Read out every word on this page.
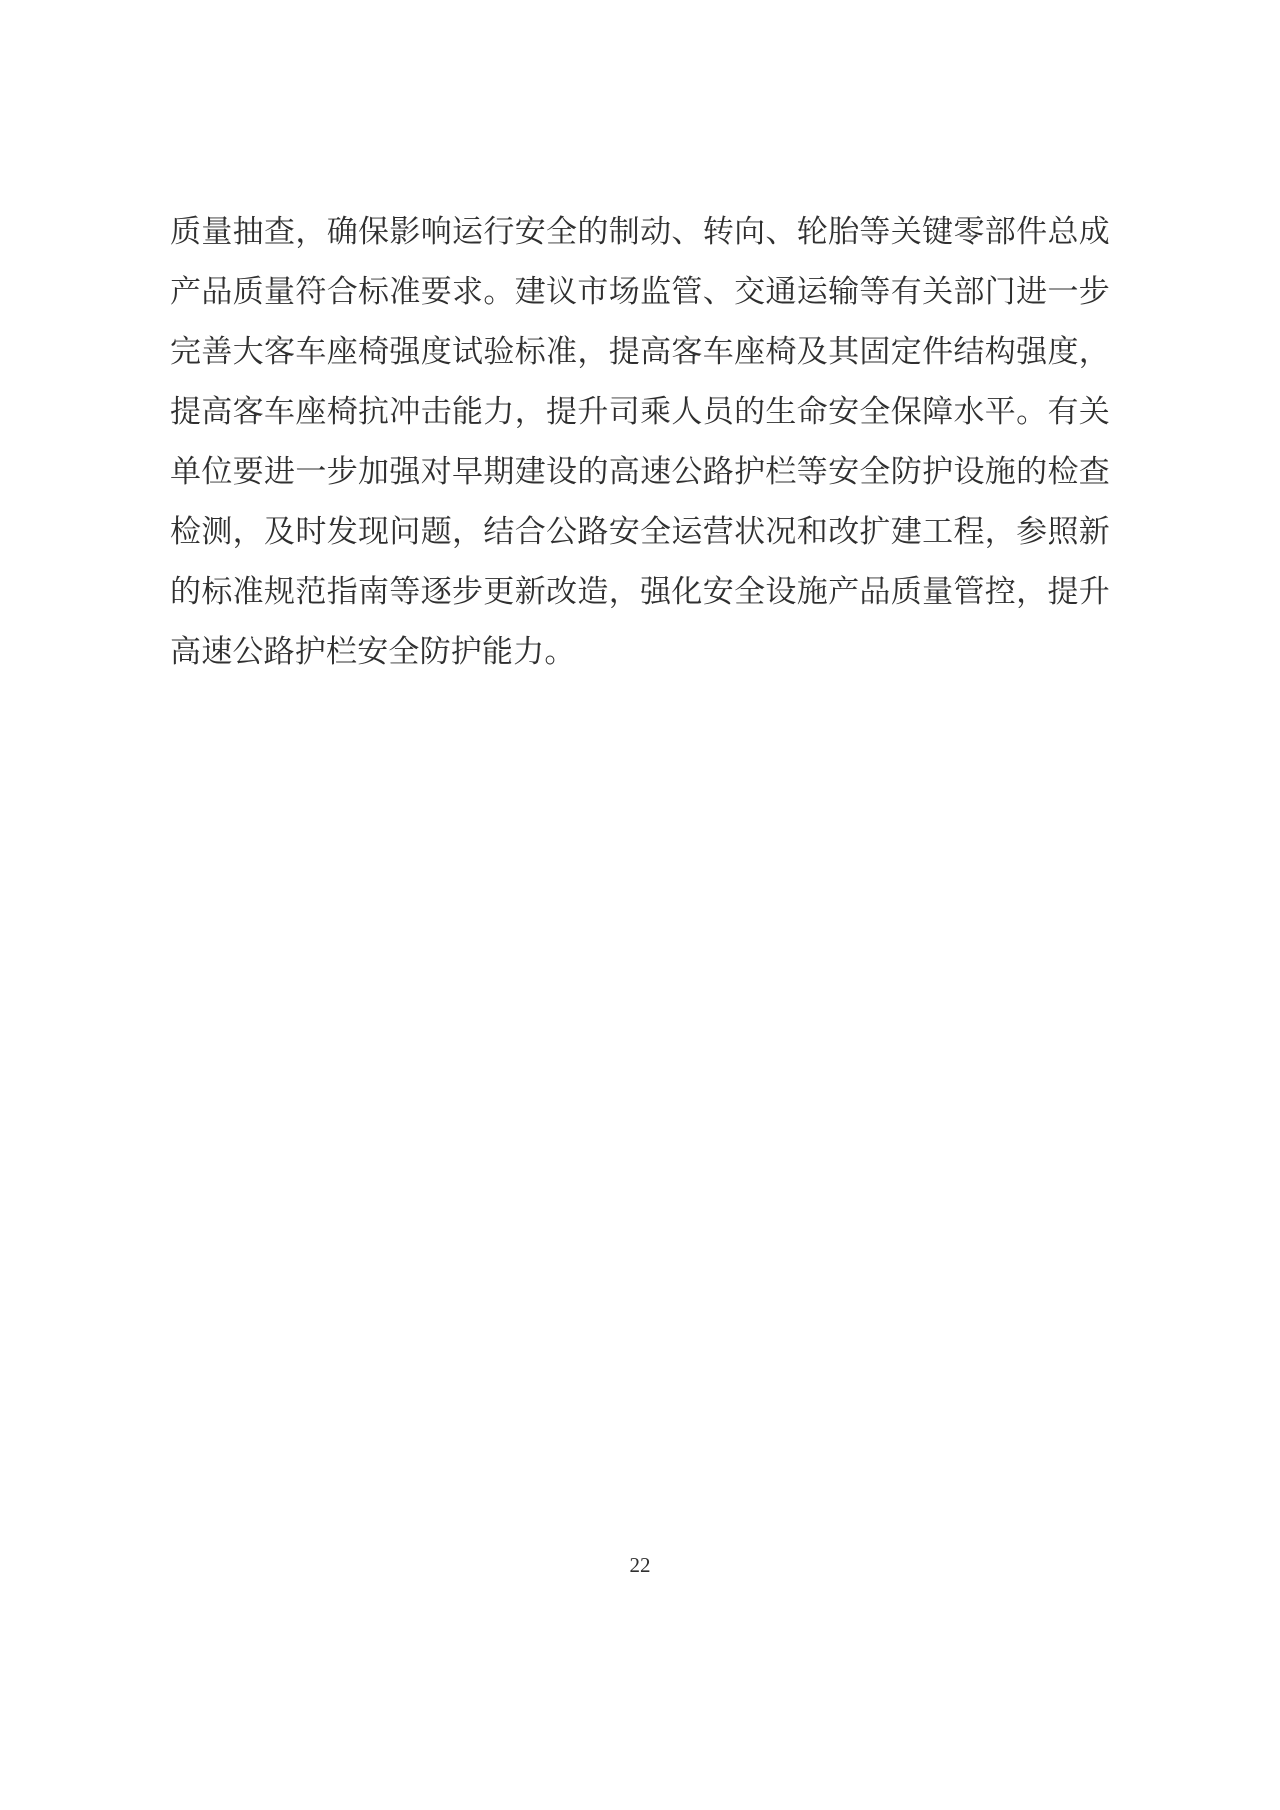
质量抽查，确保影响运行安全的制动、转向、轮胎等关键零部件总成
产品质量符合标准要求。建议市场监管、交通运输等有关部门进一步
完善大客车座椅强度试验标准，提高客车座椅及其固定件结构强度，
提高客车座椅抗冲击能力，提升司乘人员的生命安全保障水平。有关
单位要进一步加强对早期建设的高速公路护栏等安全防护设施的检查
检测，及时发现问题，结合公路安全运营状况和改扩建工程，参照新
的标准规范指南等逐步更新改造，强化安全设施产品质量管控，提升
高速公路护栏安全防护能力。
22
